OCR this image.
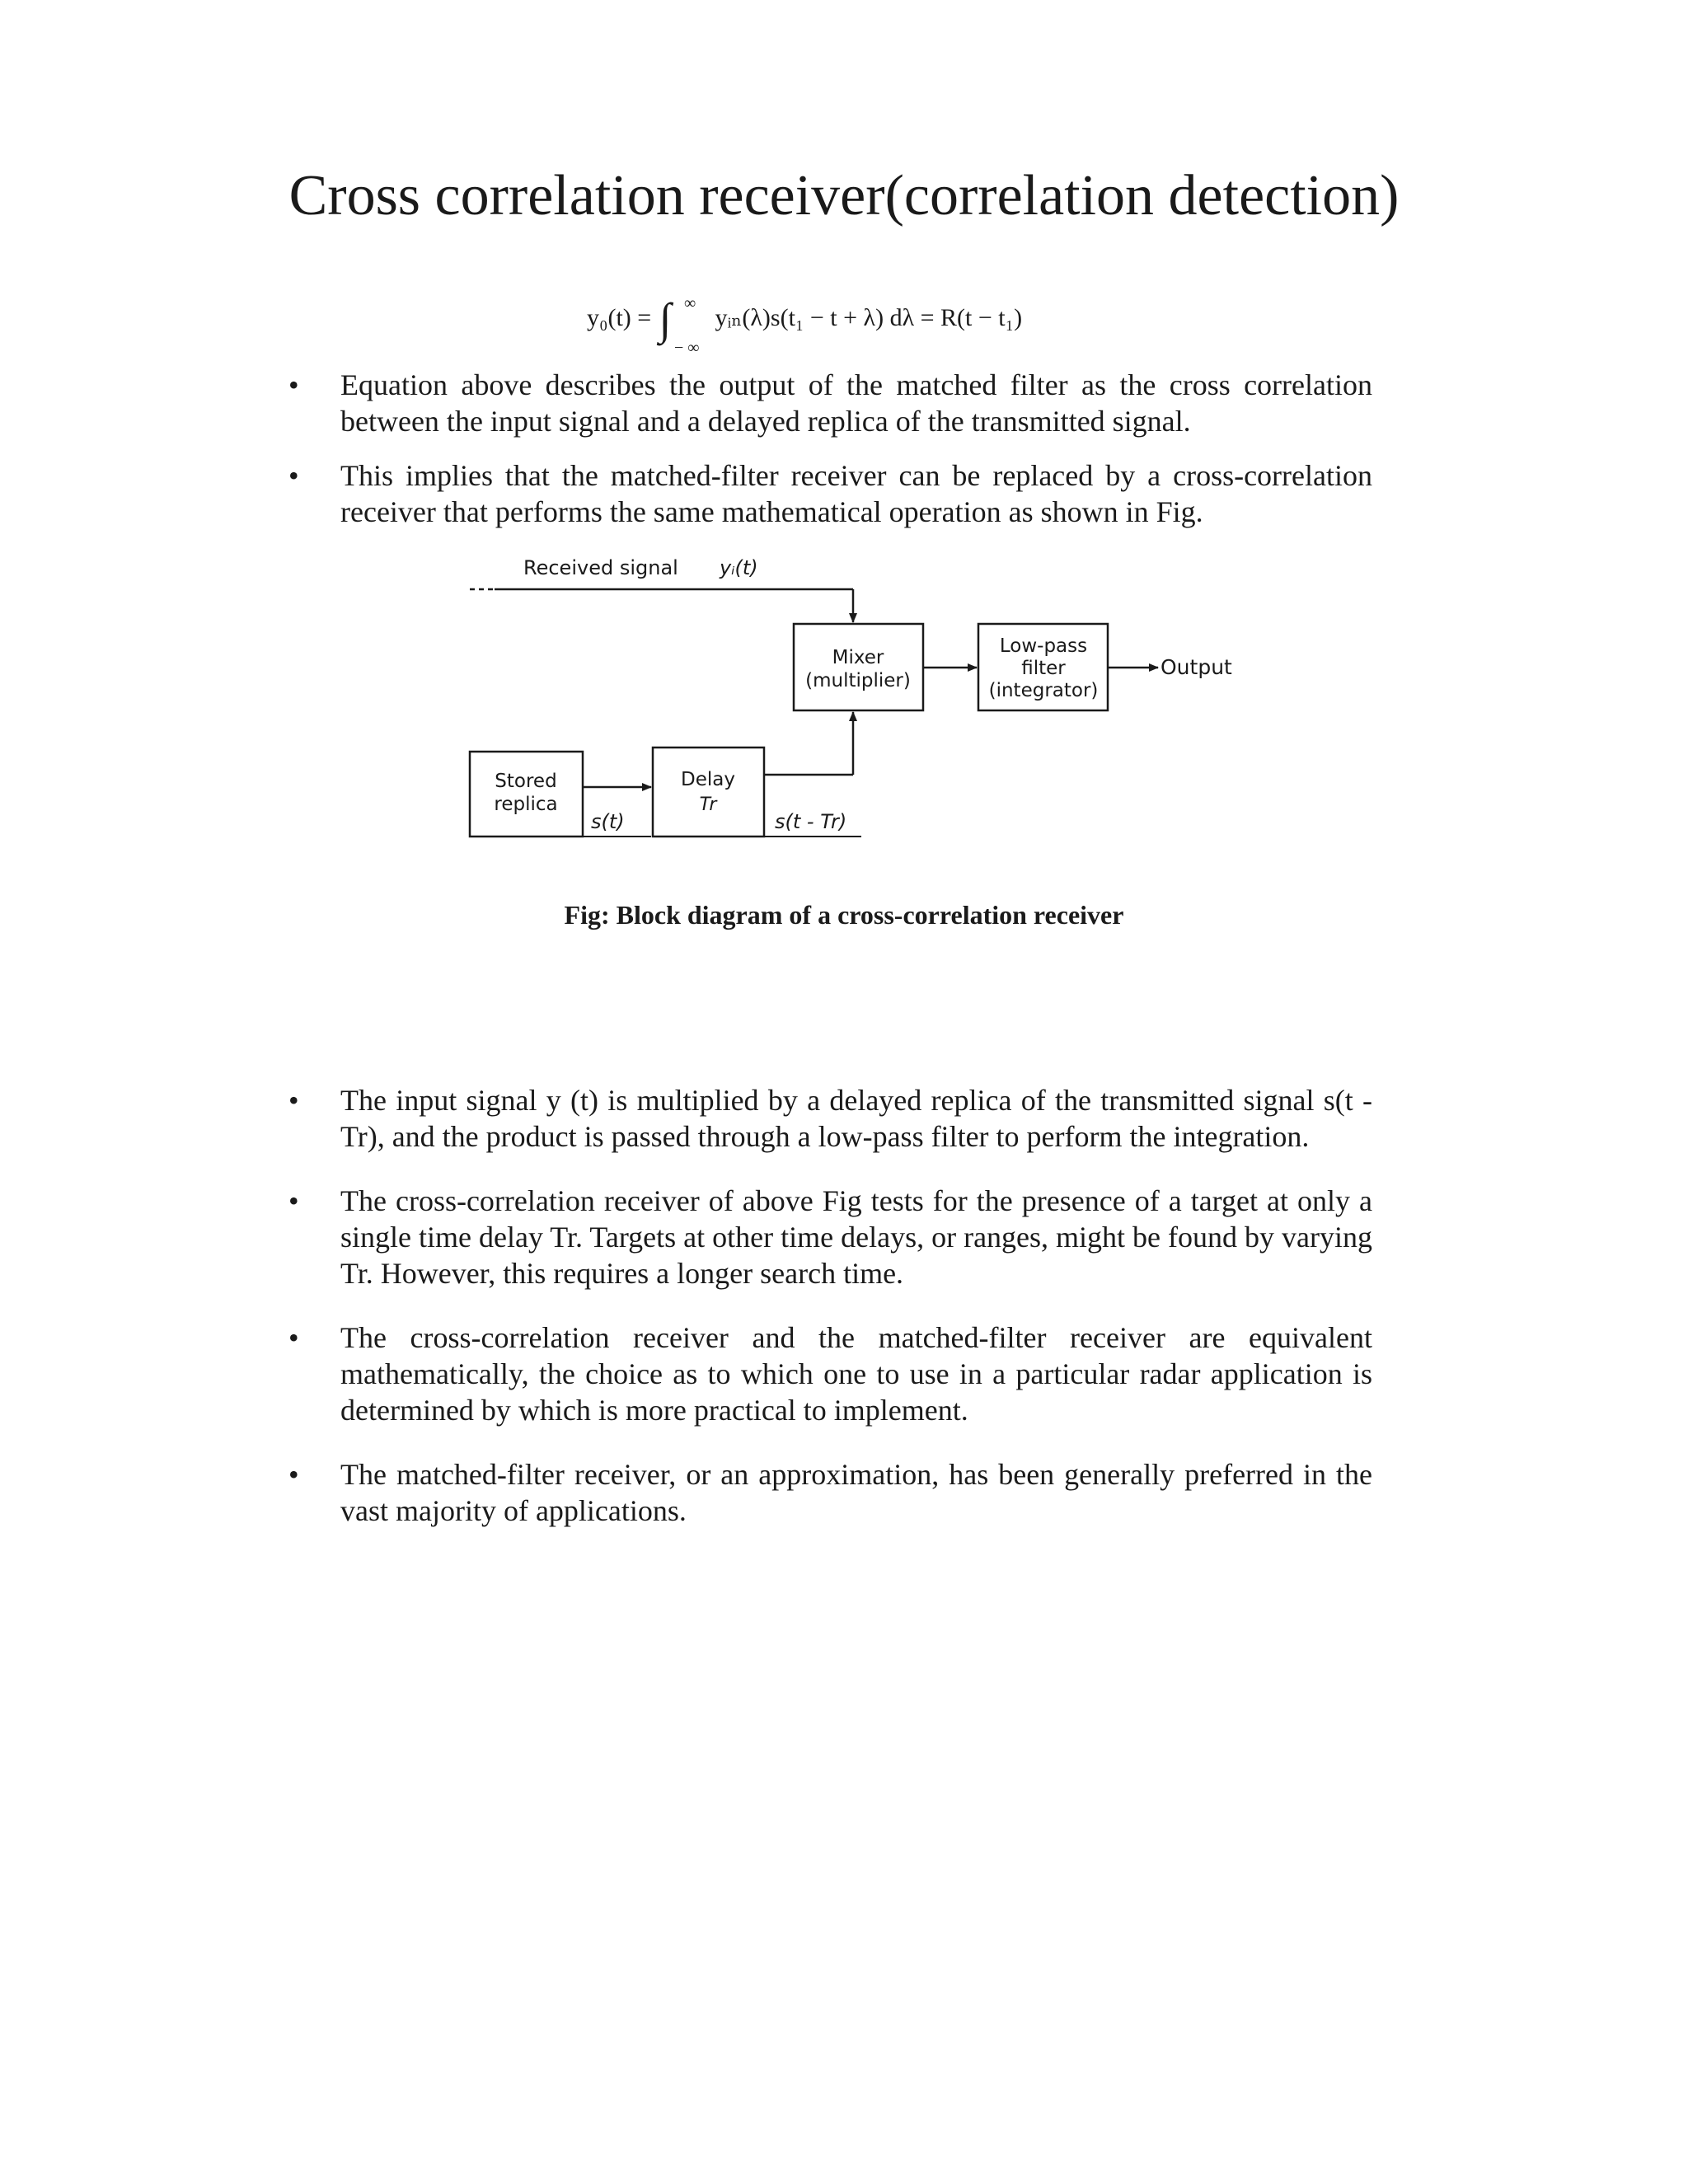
Cross correlation receiver(correlation detection)
y₀(t) = ∫ ∞
− ∞
yᵢₙ(λ)s(t₁ − t + λ) dλ = R(t − t₁)
• Equation above describes the output of the matched filter as the cross correlation between the input signal and a delayed replica of the transmitted signal.
• This implies that the matched-filter receiver can be replaced by a cross-correlation receiver that performs the same mathematical operation as shown in Fig.
Received signal yᵢ(t)
Mixer
(multiplier)
Low-pass
filter
(integrator)
Output
Stored
replica
s(t)
Delay
Tr
s(t - Tr)
Fig: Block diagram of a cross-correlation receiver
• The input signal y (t) is multiplied by a delayed replica of the transmitted signal s(t - Tr), and the product is passed through a low-pass filter to perform the integration.
• The cross-correlation receiver of above Fig tests for the presence of a target at only a single time delay Tr. Targets at other time delays, or ranges, might be found by varying Tr. However, this requires a longer search time.
• The cross-correlation receiver and the matched-filter receiver are equivalent mathematically, the choice as to which one to use in a particular radar application is determined by which is more practical to implement.
• The matched-filter receiver, or an approximation, has been generally preferred in the vast majority of applications.
